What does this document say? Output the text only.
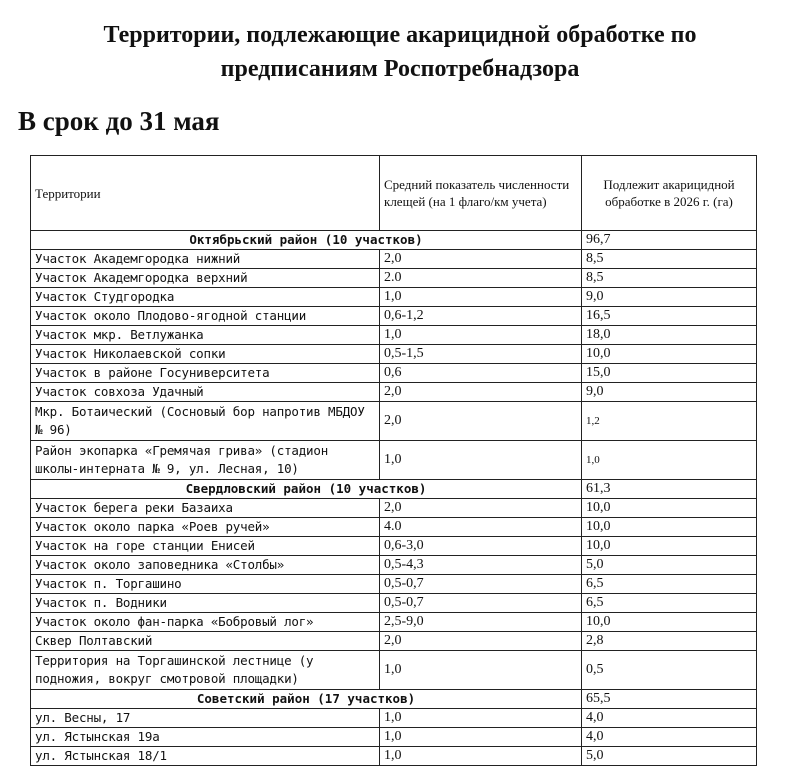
Территории, подлежающие акарицидной обработке по
предписаниям Роспотребнадзора
В срок до 31 мая
Территории	Средний показатель численности клещей (на 1 флаго/км учета)	Подлежит акарицидной обработке в 2026 г. (га)
Октябрьский район (10 участков)		96,7
Участок Академгородка нижний	2,0	8,5
Участок Академгородка верхний	2.0	8,5
Участок Студгородка	1,0	9,0
Участок около Плодово-ягодной станции	0,6-1,2	16,5
Участок мкр. Ветлужанка	1,0	18,0
Участок Николаевской сопки	0,5-1,5	10,0
Участок в районе Госуниверситета	0,6	15,0
Участок совхоза Удачный	2,0	9,0
Мкр. Ботаический (Сосновый бор напротив МБДОУ № 96)	2,0	1,2
Район экопарка «Гремячая грива» (стадион школы-интерната № 9, ул. Лесная, 10)	1,0	1,0
Свердловский район (10 участков)		61,3
Участок берега реки Базаиха	2,0	10,0
Участок около парка «Роев ручей»	4.0	10,0
Участок на горе станции Енисей	0,6-3,0	10,0
Участок около заповедника «Столбы»	0,5-4,3	5,0
Участок п. Торгашино	0,5-0,7	6,5
Участок п. Водники	0,5-0,7	6,5
Участок около фан-парка «Бобровый лог»	2,5-9,0	10,0
Сквер Полтавский	2,0	2,8
Территория на Торгашинской лестнице (у подножия, вокруг смотровой площадки)	1,0	0,5
Советский район (17 участков)		65,5
ул. Весны, 17	1,0	4,0
ул. Ястынская 19а	1,0	4,0
ул. Ястынская 18/1	1,0	5,0
